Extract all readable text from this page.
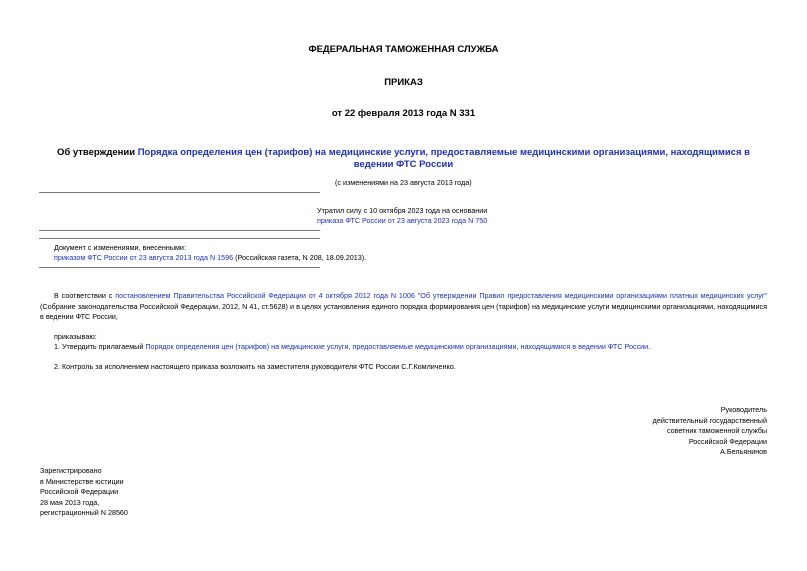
ФЕДЕРАЛЬНАЯ ТАМОЖЕННАЯ СЛУЖБА
ПРИКАЗ
от 22 февраля 2013 года N 331
Об утверждении Порядка определения цен (тарифов) на медицинские услуги, предоставляемые медицинскими организациями, находящимися в ведении ФТС России
(с изменениями на 23 августа 2013 года)
Утратил силу с 10 октября 2023 года на основании
приказа ФТС России от 23 августа 2023 года N 750
Документ с изменениями, внесенными:
приказом ФТС России от 23 августа 2013 года N 1596 (Российская газета, N 208, 18.09.2013).
В соответствии с постановлением Правительства Российской Федерации от 4 октября 2012 года N 1006 "Об утверждении Правил предоставления медицинскими организациями платных медицинских услуг" (Собрание законодательства Российской Федерации, 2012, N 41, ст.5628) и в целях установления единого порядка формирования цен (тарифов) на медицинские услуги медицинскими организациями, находящимися в ведении ФТС России,
приказываю:
1. Утвердить прилагаемый Порядок определения цен (тарифов) на медицинские услуги, предоставляемые медицинскими организациями, находящимися в ведении ФТС России.
2. Контроль за исполнением настоящего приказа возложить на заместителя руководителя ФТС России С.Г.Комличенко.
Руководитель
действительный государственный
советник таможенной службы
Российской Федерации
А.Бельянинов
Зарегистрировано
в Министерстве юстиции
Российской Федерации
28 мая 2013 года,
регистрационный N 28560
